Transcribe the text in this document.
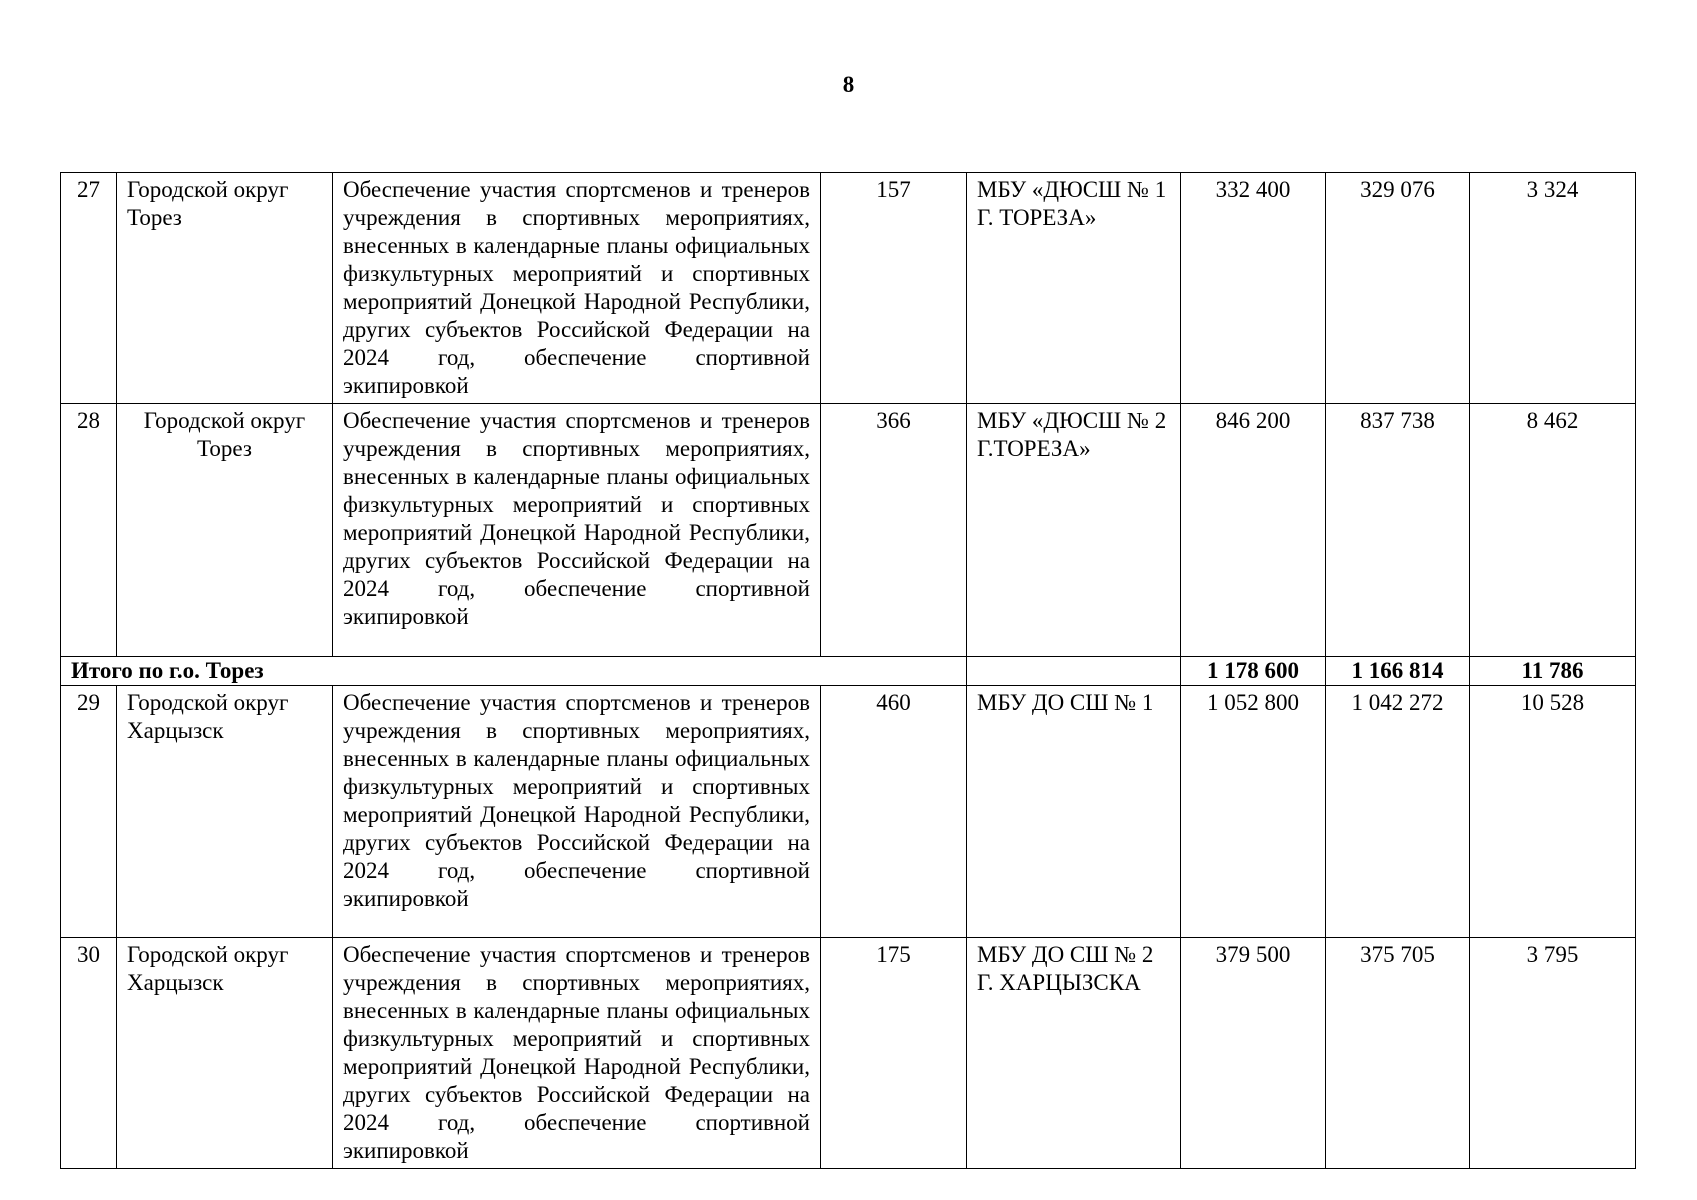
8
27	Городской округ Торез	Обеспечение участия спортсменов и тренеров учреждения в спортивных мероприятиях, внесенных в календарные планы официальных физкультурных мероприятий и спортивных мероприятий Донецкой Народной Республики, других субъектов Российской Федерации на 2024 год, обеспечение спортивной экипировкой	157	МБУ «ДЮСШ № 1 Г. ТОРЕЗА»	332 400	329 076	3 324
28	Городской округ Торез	Обеспечение участия спортсменов и тренеров учреждения в спортивных мероприятиях, внесенных в календарные планы официальных физкультурных мероприятий и спортивных мероприятий Донецкой Народной Республики, других субъектов Российской Федерации на 2024 год, обеспечение спортивной экипировкой	366	МБУ «ДЮСШ № 2 Г.ТОРЕЗА»	846 200	837 738	8 462
Итого по г.о. Торез					1 178 600	1 166 814	11 786
29	Городской округ Харцызск	Обеспечение участия спортсменов и тренеров учреждения в спортивных мероприятиях, внесенных в календарные планы официальных физкультурных мероприятий и спортивных мероприятий Донецкой Народной Республики, других субъектов Российской Федерации на 2024 год, обеспечение спортивной экипировкой	460	МБУ ДО СШ № 1	1 052 800	1 042 272	10 528
30	Городской округ Харцызск	Обеспечение участия спортсменов и тренеров учреждения в спортивных мероприятиях, внесенных в календарные планы официальных физкультурных мероприятий и спортивных мероприятий Донецкой Народной Республики, других субъектов Российской Федерации на 2024 год, обеспечение спортивной экипировкой	175	МБУ ДО СШ № 2 Г. ХАРЦЫЗСКА	379 500	375 705	3 795
